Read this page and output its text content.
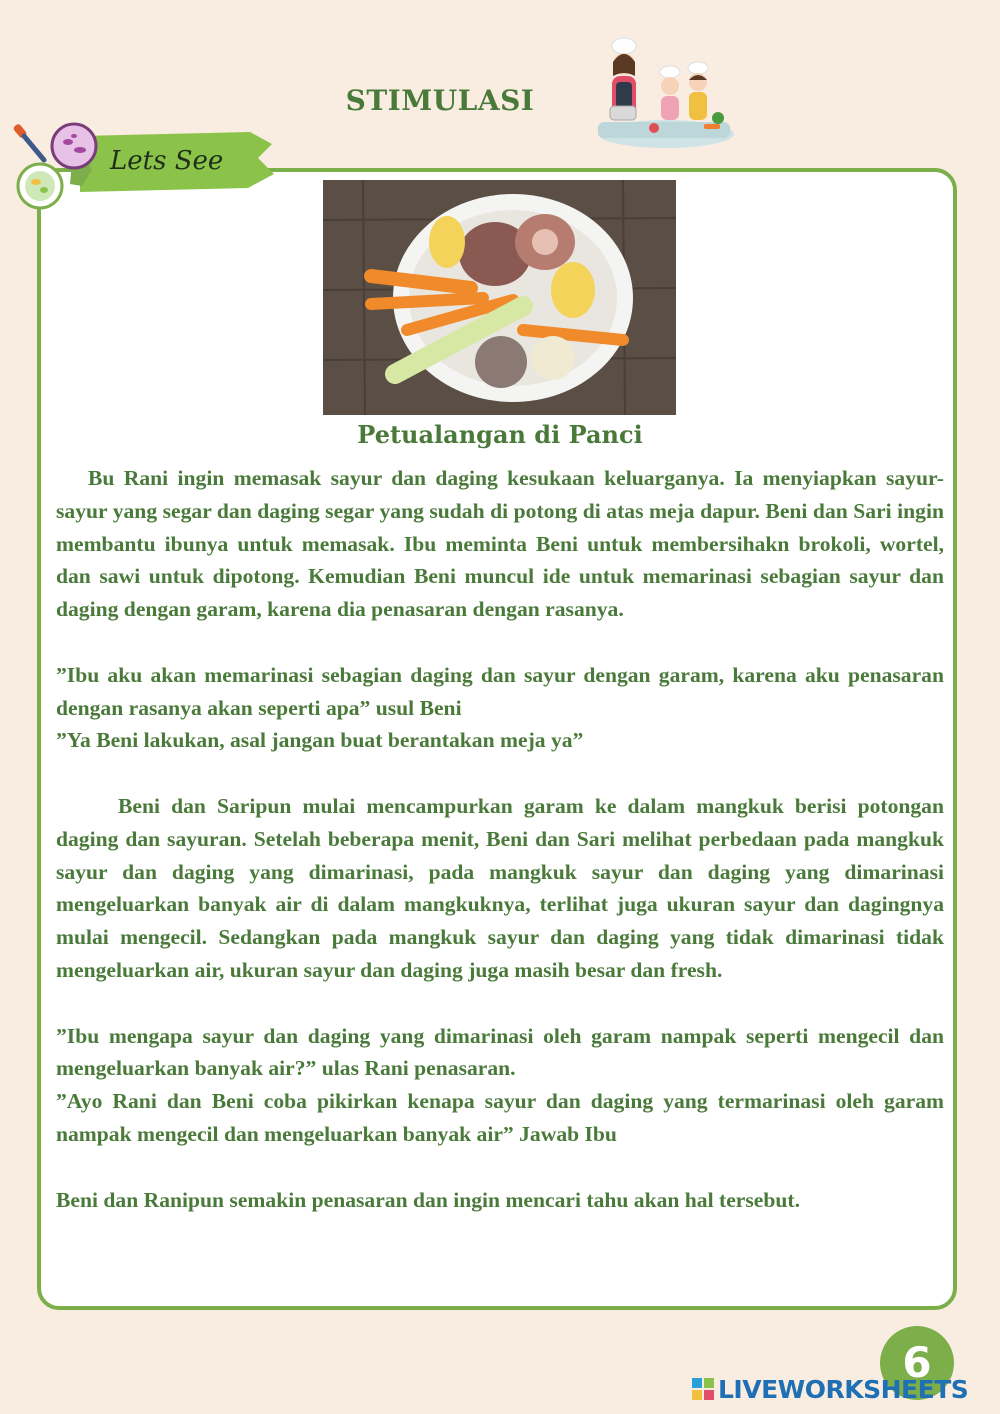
STIMULASI
Lets See
Petualangan di Panci

Bu Rani ingin memasak sayur dan daging kesukaan keluarganya. Ia menyiapkan sayur-sayur yang segar dan daging segar yang sudah di potong di atas meja dapur. Beni dan Sari ingin membantu ibunya untuk memasak. Ibu meminta Beni untuk membersihakn brokoli, wortel, dan sawi untuk dipotong. Kemudian Beni muncul ide untuk memarinasi sebagian sayur dan daging dengan garam, karena dia penasaran dengan rasanya.

”Ibu aku akan memarinasi sebagian daging dan sayur dengan garam, karena aku penasaran dengan rasanya akan seperti apa” usul Beni

”Ya Beni lakukan, asal jangan buat berantakan meja ya”

Beni dan Saripun mulai mencampurkan garam ke dalam mangkuk berisi potongan daging dan sayuran. Setelah beberapa menit, Beni dan Sari melihat perbedaan pada mangkuk sayur dan daging yang dimarinasi, pada mangkuk sayur dan daging yang dimarinasi mengeluarkan banyak air di dalam mangkuknya, terlihat juga ukuran sayur dan dagingnya mulai mengecil. Sedangkan pada mangkuk sayur dan daging yang tidak dimarinasi tidak mengeluarkan air, ukuran sayur dan daging juga masih besar dan fresh.

”Ibu mengapa sayur dan daging yang dimarinasi oleh garam nampak seperti mengecil dan mengeluarkan banyak air?” ulas Rani penasaran.

”Ayo Rani dan Beni coba pikirkan kenapa sayur dan daging yang termarinasi oleh garam nampak mengecil dan mengeluarkan banyak air” Jawab Ibu

Beni dan Ranipun semakin penasaran dan ingin mencari tahu akan hal tersebut.

6
LIVEWORKSHEETS
